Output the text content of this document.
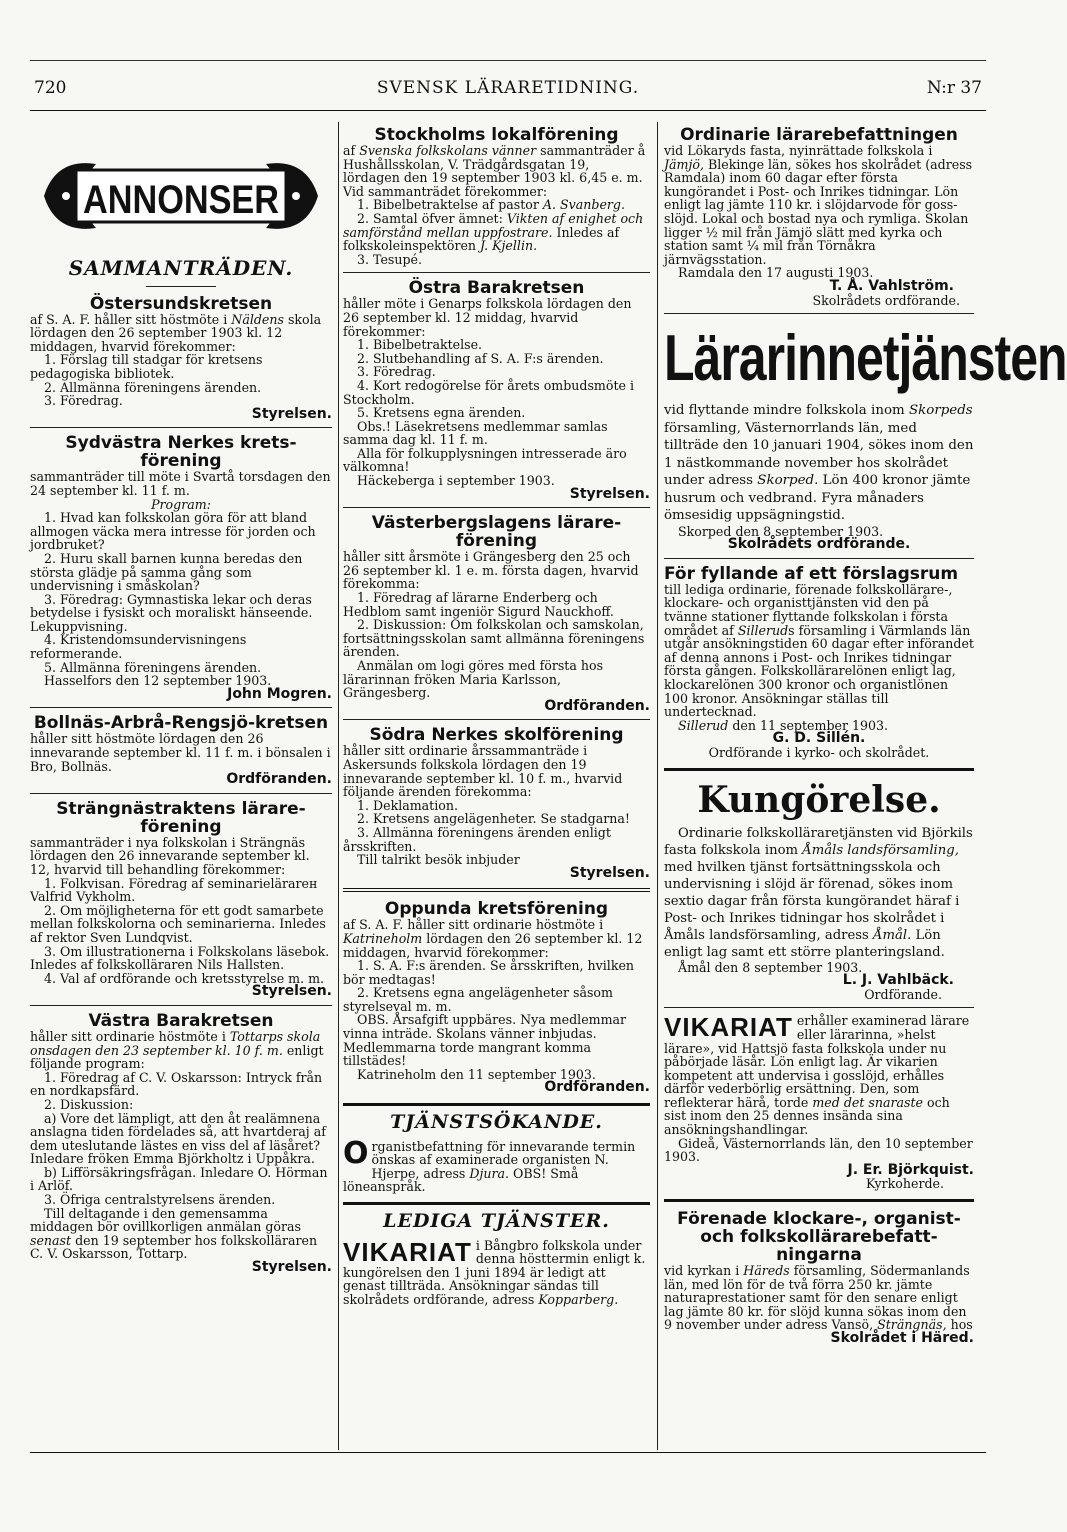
720	SVENSK LÄRARETIDNING.	N:r 37
ANNONSER
SAMMANTRÄDEN.
Östersundskretsen

af S. A. F. håller sitt höstmöte i Näldens skola lördagen den 26 september 1903 kl. 12 middagen, hvarvid förekommer:

1. Förslag till stadgar för kretsens pedagogiska bibliotek.

2. Allmänna föreningens ärenden.

3. Föredrag.

Styrelsen.
Sydvästra Nerkes krets-förening

sammanträder till möte i Svartå torsdagen den 24 september kl. 11 f. m.

Program:

1. Hvad kan folkskolan göra för att bland allmogen väcka mera intresse för jorden och jordbruket?

2. Huru skall barnen kunna beredas den största glädje på samma gång som undervisning i småskolan?

3. Föredrag: Gymnastiska lekar och deras betydelse i fysiskt och moraliskt hänseende. Lekuppvisning.

4. Kristendomsundervisningens reformerande.

5. Allmänna föreningens ärenden.

Hasselfors den 12 september 1903.

John Mogren.
Bollnäs-Arbrå-Rengsjö-kretsen

håller sitt höstmöte lördagen den 26 innevarande september kl. 11 f. m. i bönsalen i Bro, Bollnäs.

Ordföranden.
Strängnästraktens lärare-förening

sammanträder i nya folkskolan i Strängnäs lördagen den 26 innevarande september kl. 12, hvarvid till behandling förekommer:

1. Folkvisan. Föredrag af seminarielärarен Valfrid Vykholm.

2. Om möjligheterna för ett godt samarbete mellan folkskolorna och seminarierna. Inledes af rektor Sven Lundqvist.

3. Om illustrationerna i Folkskolans läsebok. Inledes af folkskolläraren Nils Hallsten.

4. Val af ordförande och kretsstyrelse m. m.

Styrelsen.
Västra Barakretsen

håller sitt ordinarie höstmöte i Tottarps skola onsdagen den 23 september kl. 10 f. m. enligt följande program:

1. Föredrag af C. V. Oskarsson: Intryck från en nordkapsfärd.

2. Diskussion:

a) Vore det lämpligt, att den åt realämnena anslagna tiden fördelades så, att hvartderaj af dem uteslutande lästes en viss del af läsåret? Inledare fröken Emma Björkholtz i Uppåkra.

b) Lifförsäkringsfrågan. Inledare O. Hörman i Arlöf.

3. Öfriga centralstyrelsens ärenden.

Till deltagande i den gemensamma middagen bör ovillkorligen anmälan göras senast den 19 september hos folkskolläraren C. V. Oskarsson, Tottarp.

Styrelsen.
Stockholms lokalförening

af Svenska folkskolans vänner sammanträder å Hushållsskolan, V. Trädgårdsgatan 19, lördagen den 19 september 1903 kl. 6,45 e. m. Vid sammanträdet förekommer:

1. Bibelbetraktelse af pastor A. Svanberg.

2. Samtal öfver ämnet: Vikten af enighet och samförstånd mellan uppfostrare. Inledes af folkskoleinspektören J. Kjellin.

3. Tesupé.

Östra Barakretsen

håller möte i Genarps folkskola lördagen den 26 september kl. 12 middag, hvarvid förekommer:

1. Bibelbetraktelse.

2. Slutbehandling af S. A. F:s ärenden.

3. Föredrag.

4. Kort redogörelse för årets ombudsmöte i Stockholm.

5. Kretsens egna ärenden.

Obs.! Läsekretsens medlemmar samlas samma dag kl. 11 f. m.

Alla för folkupplysningen intresserade äro välkomna!

Häckeberga i september 1903.

Styrelsen.
Västerbergslagens lärare-förening

håller sitt årsmöte i Grängesberg den 25 och 26 september kl. 1 e. m. första dagen, hvarvid förekomma:

1. Föredrag af lärarne Enderberg och Hedblom samt ingeniör Sigurd Nauckhoff.

2. Diskussion: Om folkskolan och samskolan, fortsättningsskolan samt allmänna föreningens ärenden.

Anmälan om logi göres med första hos lärarinnan fröken Maria Karlsson, Grängesberg.

Ordföranden.
Södra Nerkes skolförening

håller sitt ordinarie årssammanträde i Askersunds folkskola lördagen den 19 innevarande september kl. 10 f. m., hvarvid följande ärenden förekomma:

1. Deklamation.

2. Kretsens angelägenheter. Se stadgarna!

3. Allmänna föreningens ärenden enligt årsskriften.

Till talrikt besök inbjuder

Styrelsen.
Oppunda kretsförening

af S. A. F. håller sitt ordinarie höstmöte i Katrineholm lördagen den 26 september kl. 12 middagen, hvarvid förekommer:

1. S. A. F:s ärenden. Se årsskriften, hvilken bör medtagas!

2. Kretsens egna angelägenheter såsom styrelseval m. m.

OBS. Årsafgift uppbäres. Nya medlemmar vinna inträde. Skolans vänner inbjudas. Medlemmarna torde mangrant komma tillstädes!

Katrineholm den 11 september 1903.

Ordföranden.
TJÄNSTSÖKANDE.

Organistbefattning för innevarande termin önskas af examinerade organisten N. Hjerpe, adress Djura. OBS! Små löneanspråk.

LEDIGA TJÄNSTER.

VIKARIAT i Bångbro folkskola under denna hösttermin enligt k. kungörelsen den 1 juni 1894 är ledigt att genast tillträda. Ansökningar sändas till skolrådets ordförande, adress Kopparberg.

Ordinarie lärarebefattningen

vid Lökaryds fasta, nyinrättade folkskola i Jämjö, Blekinge län, sökes hos skolrådet (adress Ramdala) inom 60 dagar efter första kungörandet i Post- och Inrikes tidningar. Lön enligt lag jämte 110 kr. i slöjdarvode för goss-slöjd. Lokal och bostad nya och rymliga. Skolan ligger ½ mil från Jämjö slätt med kyrka och station samt ¼ mil från Törnåkra järnvägsstation.

Ramdala den 17 augusti 1903.

T. Å. Vahlström.
Skolrådets ordförande.
Lärarinnetjänsten

vid flyttande mindre folkskola inom Skorpeds församling, Västernorrlands län, med tillträde den 10 januari 1904, sökes inom den 1 nästkommande november hos skolrådet under adress Skorped. Lön 400 kronor jämte husrum och vedbrand. Fyra månaders ömsesidig uppsägningstid.

Skorped den 8 september 1903.

Skolrådets ordförande.
För fyllande af ett förslagsrum

till lediga ordinarie, förenade folkskollärare-, klockare- och organisttjänsten vid den på tvänne stationer flyttande folkskolan i första området af Silleruds församling i Värmlands län utgår ansökningstiden 60 dagar efter införandet af denna annons i Post- och Inrikes tidningar första gången. Folkskollärarelönen enligt lag, klockarelönen 300 kronor och organistlönen 100 kronor. Ansökningar ställas till undertecknad.

Sillerud den 11 september 1903.

G. D. Sillén.
Ordförande i kyrko- och skolrådet.
Kungörelse.

Ordinarie folkskolläraretjänsten vid Björkils fasta folkskola inom Åmåls landsförsamling, med hvilken tjänst fortsättningsskola och undervisning i slöjd är förenad, sökes inom sextio dagar från första kungörandet häraf i Post- och Inrikes tidningar hos skolrådet i Åmåls landsförsamling, adress Åmål. Lön enligt lag samt ett större planteringsland.

Åmål den 8 september 1903.

L. J. Vahlbäck.
Ordförande.

VIKARIAT erhåller examinerad lärare eller lärarinna, »helst lärare», vid Hattsjö fasta folkskola under nu påbörjade läsår. Lön enligt lag. Är vikarien kompetent att undervisa i gosslöjd, erhålles därför vederbörlig ersättning. Den, som reflekterar härå, torde med det snaraste och sist inom den 25 dennes insända sina ansökningshandlingar.

Gideå, Västernorrlands län, den 10 september 1903.

J. Er. Björkquist.
Kyrkoherde.
Förenade klockare-, organist- och folkskollärarebefatt-ningarna

vid kyrkan i Häreds församling, Södermanlands län, med lön för de två förra 250 kr. jämte naturaprestationer samt för den senare enligt lag jämte 80 kr. för slöjd kunna sökas inom den 9 november under adress Vansö, Strängnäs, hos

Skolrådet i Häred.
